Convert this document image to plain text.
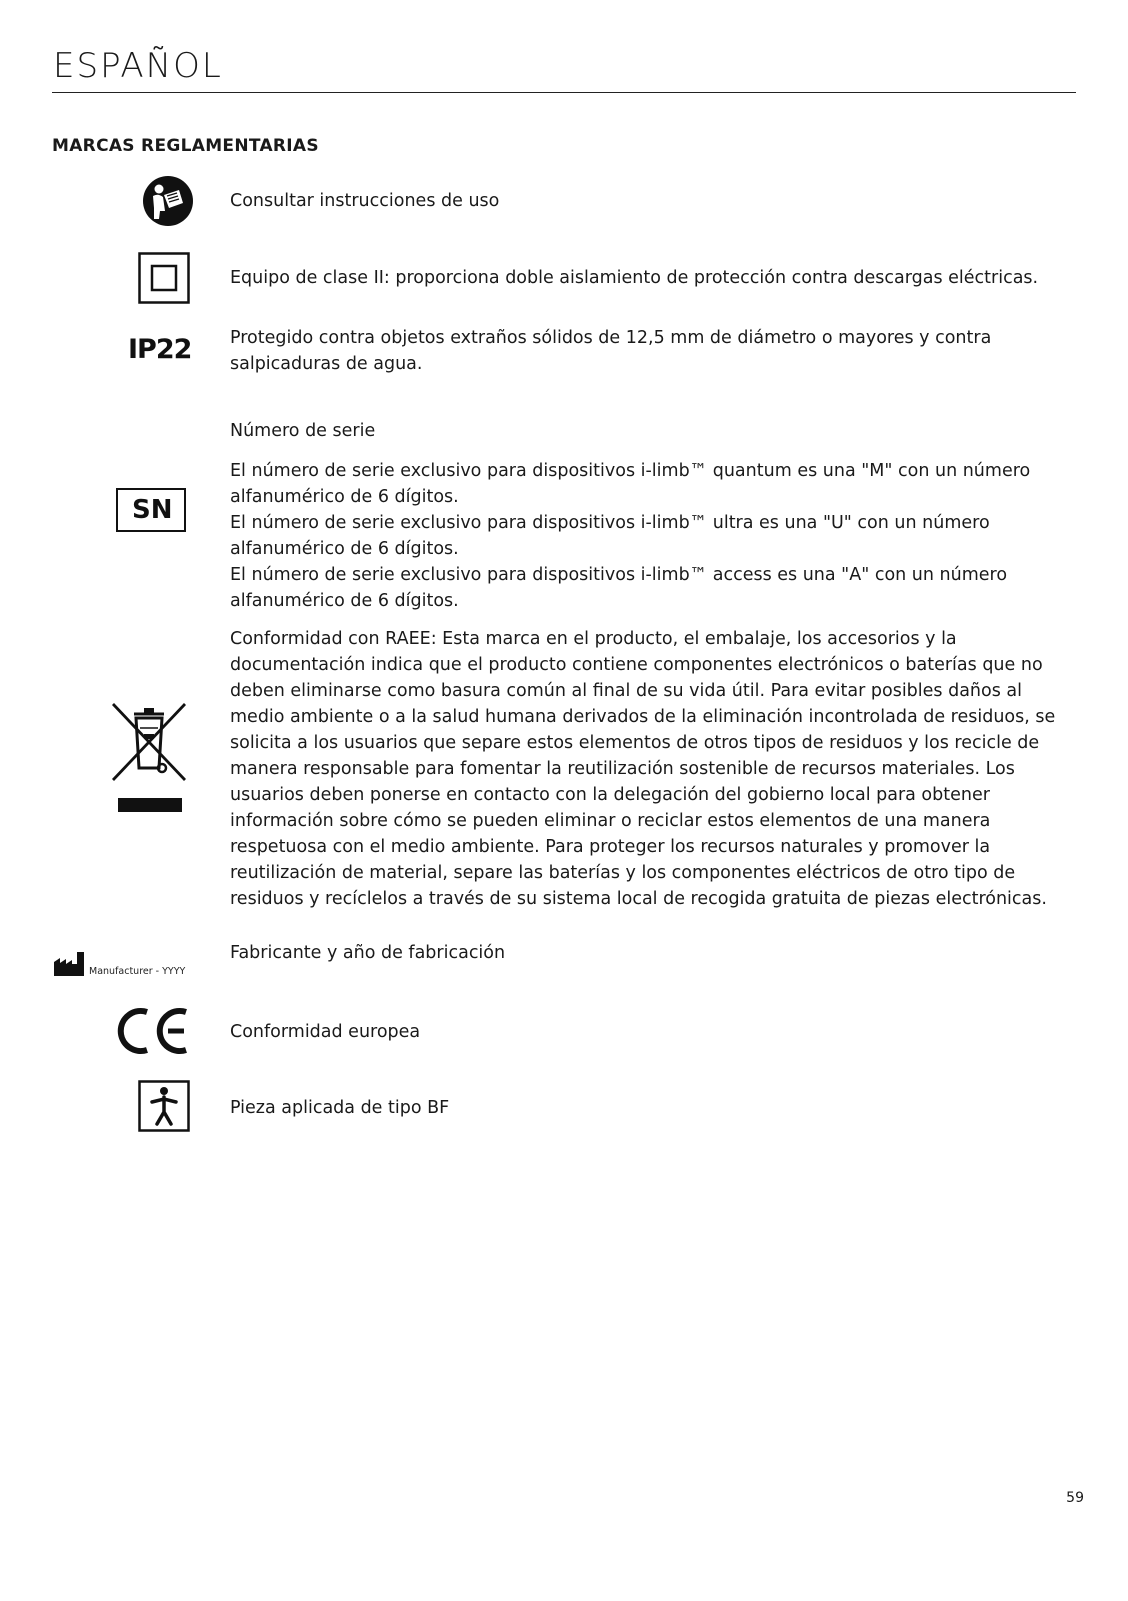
ESPAÑOL
MARCAS REGLAMENTARIAS
Consultar instrucciones de uso
Equipo de clase II: proporciona doble aislamiento de protección contra descargas eléctricas.
IP22 Protegido contra objetos extraños sólidos de 12,5 mm de diámetro o mayores y contra salpicaduras de agua.
Número de serie
SN

El número de serie exclusivo para dispositivos i-limb™ quantum es una "M" con un número alfanumérico de 6 dígitos.

El número de serie exclusivo para dispositivos i-limb™ ultra es una "U" con un número alfanumérico de 6 dígitos.

El número de serie exclusivo para dispositivos i-limb™ access es una "A" con un número alfanumérico de 6 dígitos.

Conformidad con RAEE: Esta marca en el producto, el embalaje, los accesorios y la documentación indica que el producto contiene componentes electrónicos o baterías que no deben eliminarse como basura común al final de su vida útil. Para evitar posibles daños al medio ambiente o a la salud humana derivados de la eliminación incontrolada de residuos, se solicita a los usuarios que separe estos elementos de otros tipos de residuos y los recicle de manera responsable para fomentar la reutilización sostenible de recursos materiales. Los usuarios deben ponerse en contacto con la delegación del gobierno local para obtener información sobre cómo se pueden eliminar o reciclar estos elementos de una manera respetuosa con el medio ambiente. Para proteger los recursos naturales y promover la reutilización de material, separe las baterías y los componentes eléctricos de otro tipo de residuos y recíclelos a través de su sistema local de recogida gratuita de piezas electrónicas.
Manufacturer - YYYY
Fabricante y año de fabricación
Conformidad europea
Pieza aplicada de tipo BF
59
